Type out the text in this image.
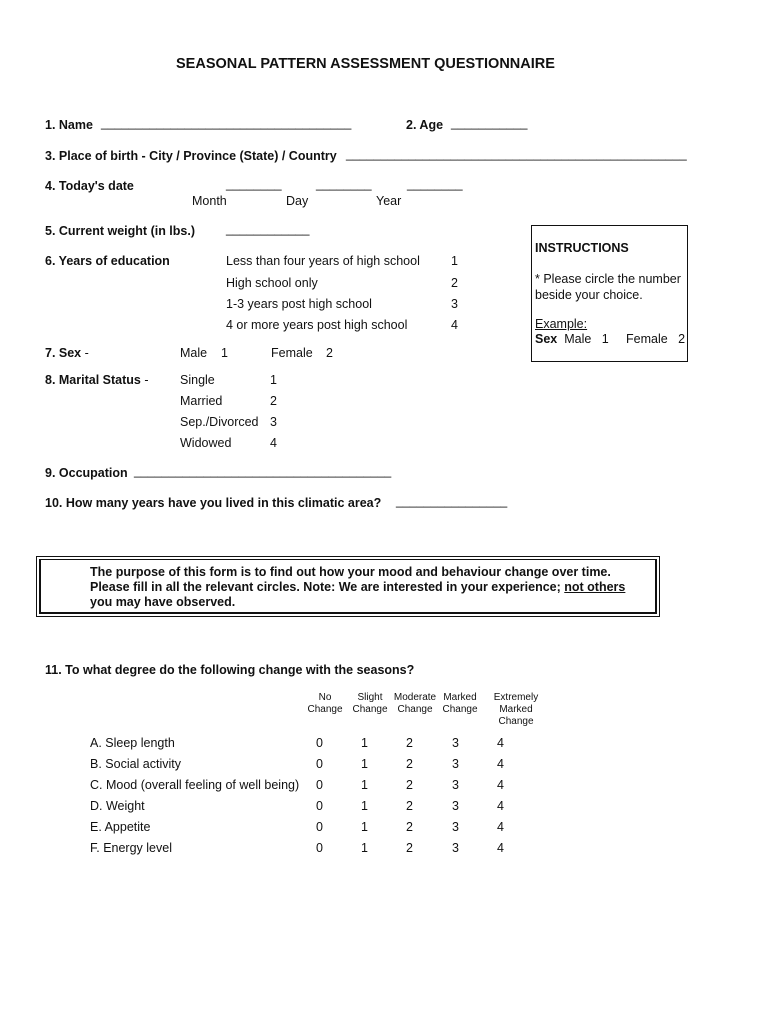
SEASONAL PATTERN ASSESSMENT QUESTIONNAIRE
1. Name ____________________________________	2. Age ___________
3. Place of birth - City / Province (State) / Country _________________________________________________
4. Today's date	________	________	________
Month	Day	Year
5. Current weight (in lbs.) ____________
6. Years of education	Less than four years of high school 1
High school only	2
1-3 years post high school	3
4 or more years post high school	4
INSTRUCTIONS
* Please circle the number beside your choice.
Example:
Sex Male 1 Female 2
7. Sex -	Male 1	Female 2
8. Marital Status -	Single	1
Married	2
Sep./Divorced 3
Widowed	4
9. Occupation _____________________________________
10. How many years have you lived in this climatic area? ________________
The purpose of this form is to find out how your mood and behaviour change over time.
Please fill in all the relevant circles. Note: We are interested in your experience; not others
you may have observed.
11. To what degree do the following change with the seasons?
No
Change
Slight
Change
Moderate
Change
Marked
Change
Extremely
Marked
Change
A. Sleep length	0	1	2	3	4
B. Social activity	0	1	2	3	4
C. Mood (overall feeling of well being) 0	1	2	3	4
D. Weight	0	1	2	3	4
E. Appetite	0	1	2	3	4
F. Energy level	0	1	2	3	4
